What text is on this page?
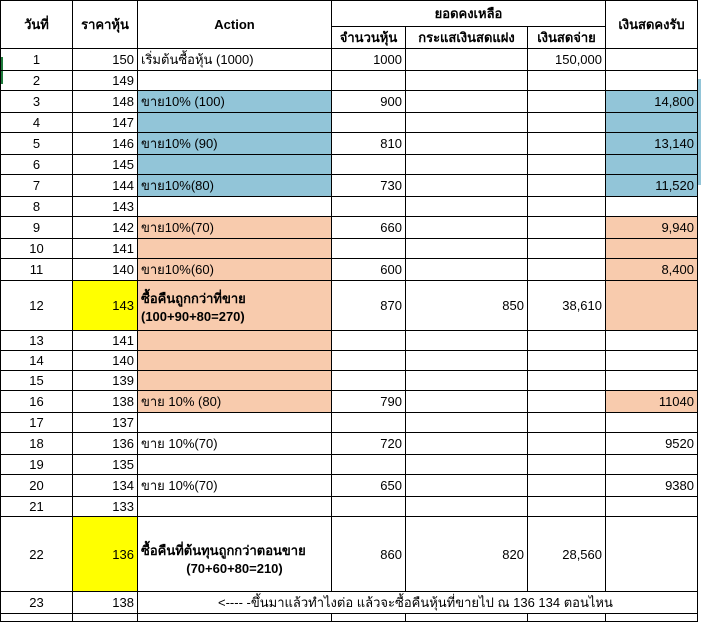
วันที่	ราคาหุ้น	Action	ยอดคงเหลือ			เงินสดคงรับ
			จำนวนหุ้น	กระแสเงินสดแฝง	เงินสดจ่าย	
1	150	เริ่มต้นซื้อหุ้น (1000)	1000		150,000	
2	149					
3	148	ขาย10% (100)	900			14,800
4	147					
5	146	ขาย10% (90)	810			13,140
6	145					
7	144	ขาย10%(80)	730			11,520
8	143					
9	142	ขาย10%(70)	660			9,940
10	141					
11	140	ขาย10%(60)	600			8,400
12	143	ซื้อคืนถูกกว่าที่ขาย
(100+90+80=270)	870	850	38,610	
13	141					
14	140					
15	139					
16	138	ขาย 10% (80)	790			11040
17	137					
18	136	ขาย 10%(70)	720			9520
19	135					
20	134	ขาย 10%(70)	650			9380
21	133					
22	136	ซื้อคืนที่ต้นทุนถูกกว่าตอนขาย
(70+60+80=210)	860	820	28,560	
23	138	<---- -ขึ้นมาแล้วทำไงต่อ แล้วจะซื้อคืนหุ้นที่ขายไป ณ 136 134 ตอนไหน				
